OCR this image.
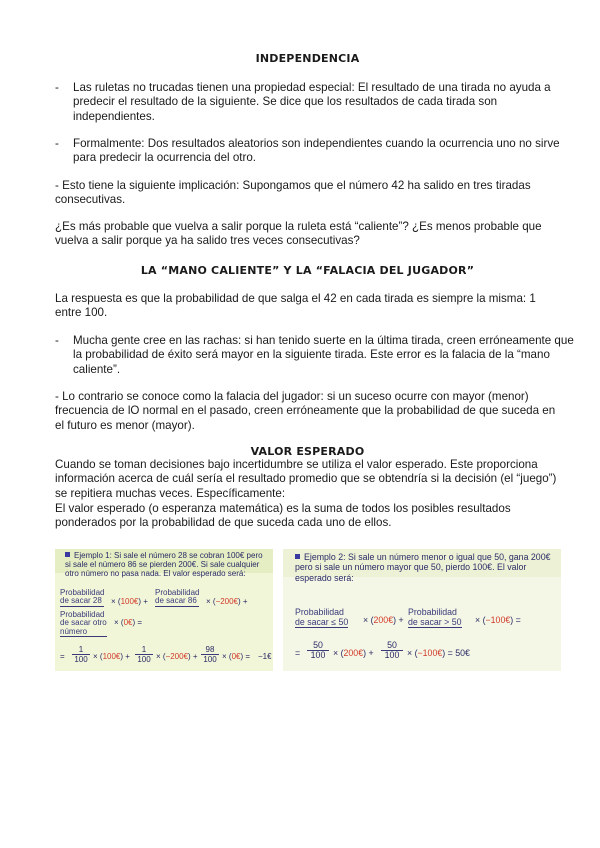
INDEPENDENCIA
- Las ruletas no trucadas tienen una propiedad especial: El resultado de una tirada no ayuda a predecir el resultado de la siguiente. Se dice que los resultados de cada tirada son independientes.
- Formalmente: Dos resultados aleatorios son independientes cuando la ocurrencia uno no sirve para predecir la ocurrencia del otro.

- Esto tiene la siguiente implicación: Supongamos que el número 42 ha salido en tres tiradas consecutivas.

¿Es más probable que vuelva a salir porque la ruleta está “caliente”? ¿Es menos probable que vuelva a salir porque ya ha salido tres veces consecutivas?

LA “MANO CALIENTE” Y LA “FALACIA DEL JUGADOR”

La respuesta es que la probabilidad de que salga el 42 en cada tirada es siempre la misma: 1 entre 100.

- Mucha gente cree en las rachas: si han tenido suerte en la última tirada, creen erróneamente que la probabilidad de éxito será mayor en la siguiente tirada. Este error es la falacia de la “mano caliente”.

- Lo contrario se conoce como la falacia del jugador: si un suceso ocurre con mayor (menor) frecuencia de lO normal en el pasado, creen erróneamente que la probabilidad de que suceda en el futuro es menor (mayor).

VALOR ESPERADO

Cuando se toman decisiones bajo incertidumbre se utiliza el valor esperado. Este proporciona información acerca de cuál sería el resultado promedio que se obtendría si la decisión (el “juego”) se repitiera muchas veces. Específicamente:

El valor esperado (o esperanza matemática) es la suma de todos los posibles resultados ponderados por la probabilidad de que suceda cada uno de ellos.

Ejemplo 1: Si sale el número 28 se cobran 100€ pero si sale el número 86 se pierden 200€. Si sale cualquier otro número no pasa nada. El valor esperado será:
Probabilidad
de sacar 28	× (100€) +
Probabilidad
de sacar 86	× (−200€) +
Probabilidad
de sacar otro
número
× (0€) =
= $\frac{1}{100}$ × (100€) + $\frac{1}{100}$ × (−200€) + $\frac{98}{100}$ × (0€) = −1€
Ejemplo 2: Si sale un número menor o igual que 50, gana 200€ pero si sale un número mayor que 50, pierdo 100€. El valor esperado será:
Probabilidad
de sacar ≤ 50 × (200€) +
Probabilidad
de sacar > 50 × (−100€) =
= $\frac{50}{100}$ × (200€) + $\frac{50}{100}$ × (−100€) = 50€
